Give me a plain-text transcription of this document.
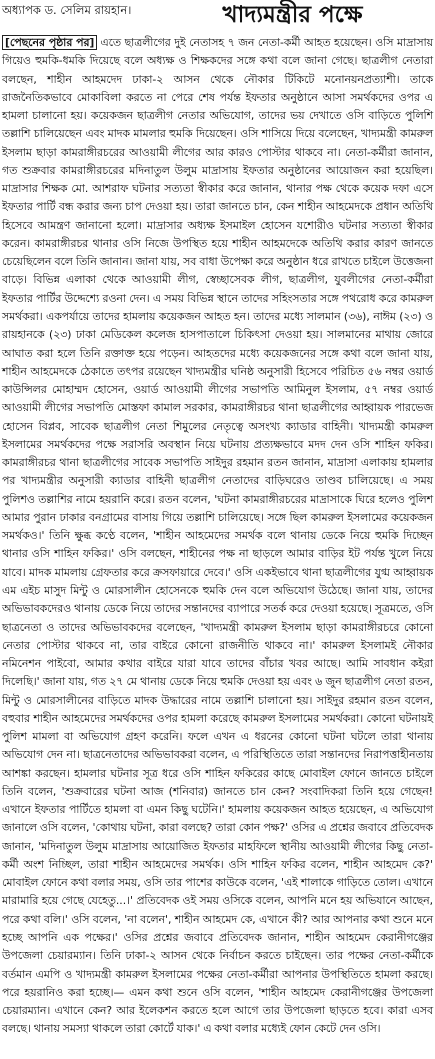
অধ্যাপক ড. সেলিম রায়হান।	খাদ্যমন্ত্রীর পক্ষে

[পেছনের পৃষ্ঠার পর] এতে ছাত্রলীগের দুই নেতাসহ ৭ জন নেতা-কর্মী আহত হয়েছেন। ওসি মাদ্রাসায় গিয়েও হুমকি-ধমকি দিয়েছে বলে অধ্যক্ষ ও শিক্ষকদের সঙ্গে কথা বলে জানা গেছে। ছাত্রলীগ নেতারা বলছেন, শাহীন আহমদেদ ঢাকা-২ আসন থেকে নৌকার টিকিটে মনোনয়নপ্রত্যাশী। তাকে রাজনৈতিকভাবে মোকাবিলা করতে না পেরে শেষ পর্যন্ত ইফতার অনুষ্ঠানে আসা সমর্থকদের ওপর এ হামলা চালানো হয়। কয়েকজন ছাত্রলীগ নেতার অভিযোগ, তাদের ভয় দেখাতে ওসি বাড়িতে পুলিশি তল্লাশি চালিয়েছেন এবং মাদক মামলার হুমকি দিয়েছেন। ওসি শাসিয়ে দিয়ে বলেছেন, খাদ্যমন্ত্রী কামরুল ইসলাম ছাড়া কামরাঙ্গীরচরের আওয়ামী লীগের আর কারও পোস্টার থাকবে না। নেতা-কর্মীরা জানান, গত শুক্রবার কামরাঙ্গীরচরের মদিনাতুল উলুম মাদ্রাসায় ইফতার অনুষ্ঠানের আয়োজন করা হয়েছিল। মাদ্রাসার শিক্ষক মো. আশরাফ ঘটনার সত্যতা স্বীকার করে জানান, থানার পক্ষ থেকে কয়েক দফা এসে ইফতার পার্টি বন্ধ করার জন্য চাপ দেওয়া হয়। তারা জানতে চান, কেন শাহীন আহমেদকে প্রধান অতিথি হিসেবে আমন্ত্রণ জানানো হলো। মাদ্রাসার অধ্যক্ষ ইসমাইল হোসেন যশোরীও ঘটনার সত্যতা স্বীকার করেন। কামরাঙ্গীরচর থানার ওসি নিজে উপস্থিত হয়ে শাহীন আহমদেকে অতিথি করার কারণ জানতে চেয়েছিলেন বলে তিনি জানান। জানা যায়, সব বাধা উপেক্ষা করে অনুষ্ঠান ধরে রাখতে চাইলে উত্তেজনা বাড়ে। বিভিন্ন এলাকা থেকে আওয়ামী লীগ, স্বেচ্ছাসেবক লীগ, ছাত্রলীগ, যুবলীগের নেতা-কর্মীরা ইফতার পার্টির উদ্দেশ্যে রওনা দেন। এ সময় বিভিন্ন স্থানে তাদের সহিংসতার সঙ্গে পথরোধ করে কামরুল সমর্থকরা। একপর্যায়ে তাদের হামলায় কয়েকজন আহত হন। তাদের মধ্যে সালমান (৩৬), নাঈম (২৩) ও রায়হানকে (২৩) ঢাকা মেডিকেল কলেজ হাসপাতালে চিকিৎসা দেওয়া হয়। সালমানের মাথায় জোরে আঘাত করা হলে তিনি রক্তাক্ত হয়ে পড়েন। আহতদের মধ্যে কয়েকজনের সঙ্গে কথা বলে জানা যায়, শাহীন আহমেদকে ঠেকাতে তৎপর রয়েছেন খাদ্যমন্ত্রীর ঘনিষ্ঠ অনুসারী হিসেবে পরিচিত ৫৬ নম্বর ওয়ার্ড কাউন্সিলর মোহাম্মদ হোসেন, ওয়ার্ড আওয়ামী লীগের সভাপতি আমিনুল ইসলাম, ৫৭ নম্বর ওয়ার্ড আওয়ামী লীগের সভাপতি মোস্তফা কামাল সরকার, কামরাঙ্গীরচর থানা ছাত্রলীগের আহ্বায়ক পারভেজ হোসেন বিপ্লব, সাবেক ছাত্রলীগ নেতা শিমুলের নেতৃত্বে অসংখ্য ক্যাডার বাহিনী। খাদ্যমন্ত্রী কামরুল ইসলামের সমর্থকদের পক্ষে সরাসরি অবস্থান নিয়ে ঘটনায় প্রত্যক্ষভাবে মদদ দেন ওসি শাহিন ফকির। কামরাঙ্গীরচর থানা ছাত্রলীগের সাবেক সভাপতি সাইদুর রহমান রতন জানান, মাদ্রাসা এলাকায় হামলার পর খাদ্যমন্ত্রীর অনুসারী ক্যাডার বাহিনী ছাত্রলীগ নেতাদের বাড়িঘরেও তাণ্ডব চালিয়েছে। এ সময় পুলিশও তল্লাশির নামে হয়রানি করে। রতন বলেন, 'ঘটনা কামরাঙ্গীরচরের মাদ্রাসাকে ঘিরে হলেও পুলিশ আমার পুরান ঢাকার বনগ্রামের বাসায় গিয়ে তল্লাশি চালিয়েছে। সঙ্গে ছিল কামরুল ইসলামের কয়েকজন সমর্থকও।' তিনি ক্ষুব্ধ কণ্ঠে বলেন, 'শাহীন আহমেদের সমর্থক বলে থানায় ডেকে নিয়ে হুমকি দিচ্ছেন থানার ওসি শাহিন ফকির।' ওসি বলছেন, শাহীনের পক্ষ না ছাড়লে আমার বাড়ির ইট পর্যন্ত খুলে নিয়ে যাবে। মাদক মামলায় গ্রেফতার করে ক্রসফায়ারে দেবে।' ওসি একইভাবে থানা ছাত্রলীগের যুগ্ম আহ্বায়ক এম এইচ মাসুদ মিন্টু ও মোরসালীন হোসেনকে হুমকি দেন বলে অভিযোগ উঠেছে। জানা যায়, তাদের অভিভাবকদেরও থানায় ডেকে নিয়ে তাদের সন্তানদের ব্যাপারে সতর্ক করে দেওয়া হয়েছে। সূত্রমতে, ওসি ছাত্রনেতা ও তাদের অভিভাবকদের বলেছেন, 'খাদ্যমন্ত্রী কামরুল ইসলাম ছাড়া কামরাঙ্গীরচরে কোনো নেতার পোস্টার থাকবে না, তার বাইরে কোনো রাজনীতি থাকবে না।' কামরুল ইসলামই নৌকার নমিনেশন পাইবো, আমার কথার বাইরে যারা যাবে তাদের বাঁচার খবর আছে। আমি সাবধান কইরা দিলেছি।' জানা যায়, গত ২৭ মে থানায় ডেকে নিয়ে হুমকি দেওয়া হয় এবং ৬ জুন ছাত্রলীগ নেতা রতন, মিন্টু ও মোরসালীনের বাড়িতে মাদক উদ্ধারের নামে তল্লাশি চালানো হয়। সাইদুর রহমান রতন বলেন, বহুবার শাহীন আহমেদের সমর্থকদের ওপর হামলা করেছে কামরুল ইসলামের সমর্থকরা। কোনো ঘটনায়ই পুলিশ মামলা বা অভিযোগ গ্রহণ করেনি। ফলে এখন এ ধরনের কোনো ঘটনা ঘটলে তারা থানায় অভিযোগ দেন না। ছাত্রনেতাদের অভিভাবকরা বলেন, এ পরিস্থিতিতে তারা সন্তানদের নিরাপত্তাহীনতায় আশঙ্কা করছেন। হামলার ঘটনার সূত্র ধরে ওসি শাহিন ফকিরের কাছে মোবাইল ফোনে জানতে চাইলে তিনি বলেন, 'শুক্রবারের ঘটনা আজ (শনিবার) জানতে চান কেন? সংবাদিকরা তিনি হয়ে গেছেন! এখানে ইফতার পার্টিতে হামলা বা এমন কিছু ঘটেনি।' হামলায় কয়েকজন আহত হয়েছেন, এ অভিযোগ জানালে ওসি বলেন, 'কোথায় ঘটনা, কারা বলছে? তারা কোন পক্ষ?' ওসির এ প্রশ্নের জবাবে প্রতিবেদক জানান, 'মদিনাতুল উলুম মাদ্রাসায় আয়োজিত ইফতার মাহফিলে স্থানীয় আওয়ামী লীগের কিছু নেতা-কর্মী অংশ নিচ্ছিল, তারা শাহীন আহমেদের সমর্থক। ওসি শাহিন ফকির বলেন, শাহীন আহমেদ কে?' মোবাইল ফোনে কথা বলার সময়, ওসি তার পাশের কাউকে বলেন, 'এই শালাকে গাড়িতে তোল। এখানে মারামারি হয়ে গেছে যেহেতু...।' প্রতিবেদক ওই সময় ওসিকে বলেন, আপনি মনে হয় অভিযানে আছেন, পরে কথা বলি।' ওসি বলেন, 'না বলেন', শাহীন আহমেদ কে, এখানে কী? আর আপনার কথা শুনে মনে হচ্ছে আপনি এক পক্ষের।' ওসির প্রশ্নের জবাবে প্রতিবেদক জানান, শাহীন আহমেদ কেরানীগঞ্জের উপজেলা চেয়ারম্যান। তিনি ঢাকা-২ আসন থেকে নির্বাচন করতে চাইছেন। তার পক্ষের নেতা-কর্মীকে বর্তমান এমপি ও খাদ্যমন্ত্রী কামরুল ইসলামের পক্ষের নেতা-কর্মীরা আপনার উপস্থিতিতে হামলা করছে। পরে হয়রানিও করা হচ্ছে।— এমন কথা শুনে ওসি বলেন, 'শাহীন আহমেদ কেরানীগঞ্জের উপজেলা চেয়ারম্যান। এখানে কেন? আর ইলেকশন করতে হলে আগে তার উপজেলা ছাড়তে হবে। কারা এসব বলছে। থানায় সমস্যা থাকলে তারা কোর্টে যাক।' এ কথা বলার মধ্যেই ফোন কেটে দেন ওসি।
